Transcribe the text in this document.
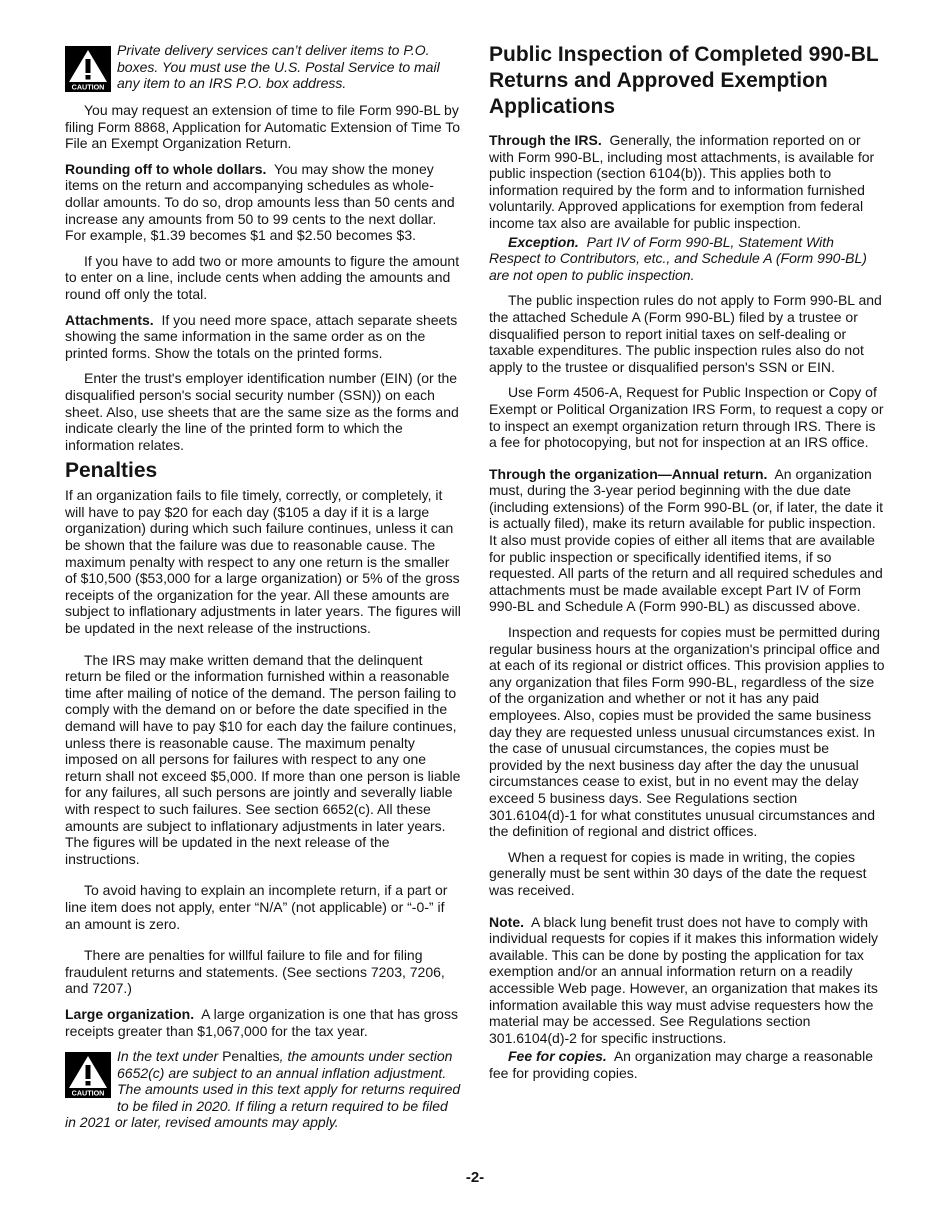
CAUTION

Private delivery services can’t deliver items to P.O. boxes. You must use the U.S. Postal Service to mail any item to an IRS P.O. box address.

You may request an extension of time to file Form 990-BL by filing Form 8868, Application for Automatic Extension of Time To File an Exempt Organization Return.

Rounding off to whole dollars. You may show the money items on the return and accompanying schedules as whole-dollar amounts. To do so, drop amounts less than 50 cents and increase any amounts from 50 to 99 cents to the next dollar. For example, $1.39 becomes $1 and $2.50 becomes $3.

If you have to add two or more amounts to figure the amount to enter on a line, include cents when adding the amounts and round off only the total.

Attachments. If you need more space, attach separate sheets showing the same information in the same order as on the printed forms. Show the totals on the printed forms.

Enter the trust's employer identification number (EIN) (or the disqualified person's social security number (SSN)) on each sheet. Also, use sheets that are the same size as the forms and indicate clearly the line of the printed form to which the information relates.

Penalties

If an organization fails to file timely, correctly, or completely, it will have to pay $20 for each day ($105 a day if it is a large organization) during which such failure continues, unless it can be shown that the failure was due to reasonable cause. The maximum penalty with respect to any one return is the smaller of $10,500 ($53,000 for a large organization) or 5% of the gross receipts of the organization for the year. All these amounts are subject to inflationary adjustments in later years. The figures will be updated in the next release of the instructions.

The IRS may make written demand that the delinquent return be filed or the information furnished within a reasonable time after mailing of notice of the demand. The person failing to comply with the demand on or before the date specified in the demand will have to pay $10 for each day the failure continues, unless there is reasonable cause. The maximum penalty imposed on all persons for failures with respect to any one return shall not exceed $5,000. If more than one person is liable for any failures, all such persons are jointly and severally liable with respect to such failures. See section 6652(c). All these amounts are subject to inflationary adjustments in later years. The figures will be updated in the next release of the instructions.

To avoid having to explain an incomplete return, if a part or line item does not apply, enter “N/A” (not applicable) or “-0-” if an amount is zero.

There are penalties for willful failure to file and for filing fraudulent returns and statements. (See sections 7203, 7206, and 7207.)

Large organization. A large organization is one that has gross receipts greater than $1,067,000 for the tax year.

CAUTION

In the text under Penalties, the amounts under section 6652(c) are subject to an annual inflation adjustment. The amounts used in this text apply for returns required to be filed in 2020. If filing a return required to be filed in 2021 or later, revised amounts may apply.

Public Inspection of Completed 990-BL Returns and Approved Exemption Applications

Through the IRS. Generally, the information reported on or with Form 990-BL, including most attachments, is available for public inspection (section 6104(b)). This applies both to information required by the form and to information furnished voluntarily. Approved applications for exemption from federal income tax also are available for public inspection.

Exception. Part IV of Form 990-BL, Statement With Respect to Contributors, etc., and Schedule A (Form 990-BL) are not open to public inspection.

The public inspection rules do not apply to Form 990-BL and the attached Schedule A (Form 990-BL) filed by a trustee or disqualified person to report initial taxes on self-dealing or taxable expenditures. The public inspection rules also do not apply to the trustee or disqualified person's SSN or EIN.

Use Form 4506-A, Request for Public Inspection or Copy of Exempt or Political Organization IRS Form, to request a copy or to inspect an exempt organization return through IRS. There is a fee for photocopying, but not for inspection at an IRS office.

Through the organization—Annual return. An organization must, during the 3-year period beginning with the due date (including extensions) of the Form 990-BL (or, if later, the date it is actually filed), make its return available for public inspection. It also must provide copies of either all items that are available for public inspection or specifically identified items, if so requested. All parts of the return and all required schedules and attachments must be made available except Part IV of Form 990-BL and Schedule A (Form 990-BL) as discussed above.

Inspection and requests for copies must be permitted during regular business hours at the organization's principal office and at each of its regional or district offices. This provision applies to any organization that files Form 990-BL, regardless of the size of the organization and whether or not it has any paid employees. Also, copies must be provided the same business day they are requested unless unusual circumstances exist. In the case of unusual circumstances, the copies must be provided by the next business day after the day the unusual circumstances cease to exist, but in no event may the delay exceed 5 business days. See Regulations section 301.6104(d)-1 for what constitutes unusual circumstances and the definition of regional and district offices.

When a request for copies is made in writing, the copies generally must be sent within 30 days of the date the request was received.

Note. A black lung benefit trust does not have to comply with individual requests for copies if it makes this information widely available. This can be done by posting the application for tax exemption and/or an annual information return on a readily accessible Web page. However, an organization that makes its information available this way must advise requesters how the material may be accessed. See Regulations section 301.6104(d)-2 for specific instructions.

Fee for copies. An organization may charge a reasonable fee for providing copies.

-2-
